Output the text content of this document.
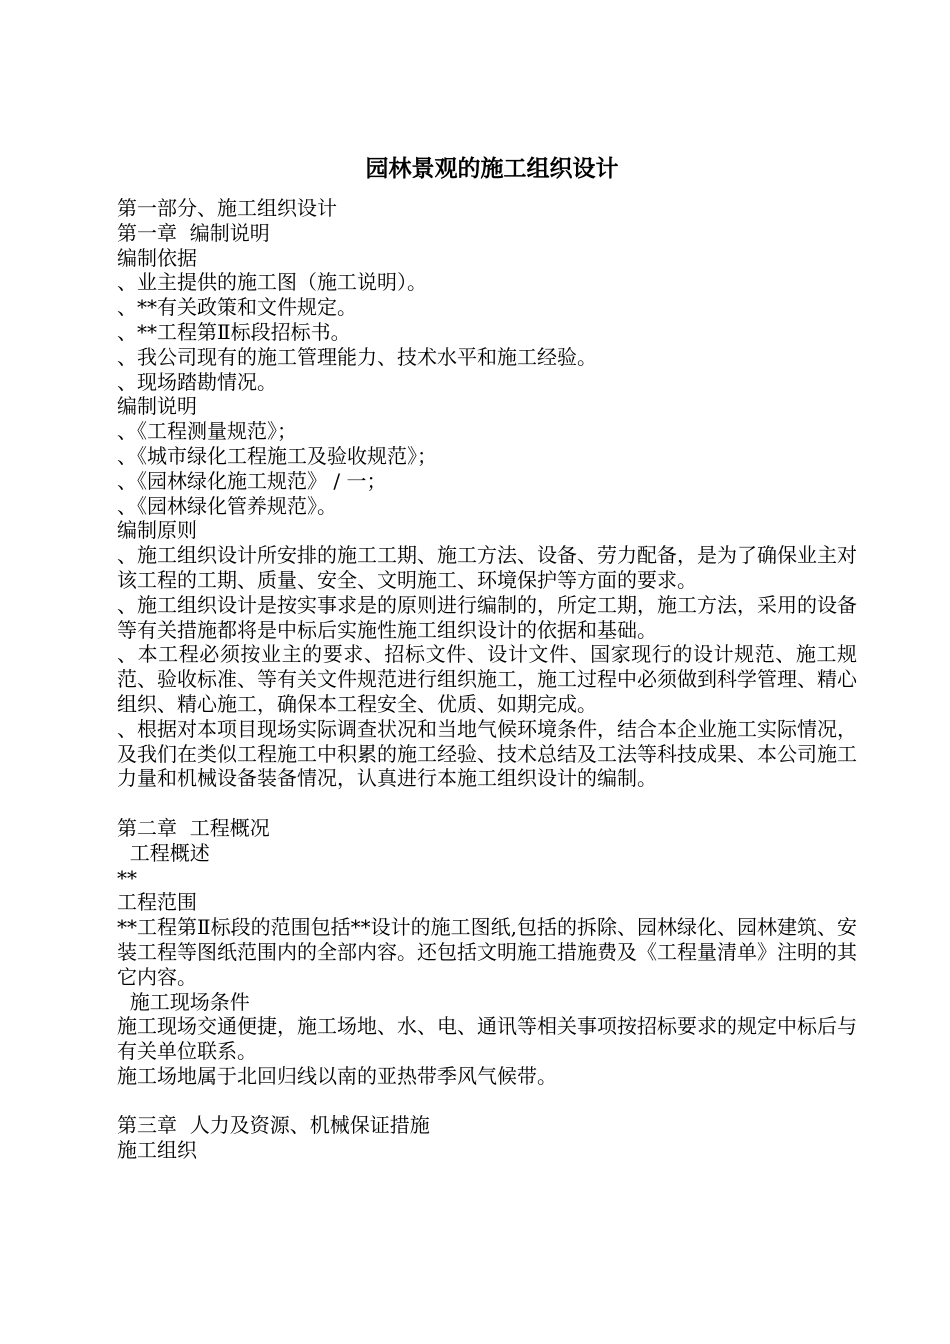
园林景观的施工组织设计

第一部分、施工组织设计

第一章  编制说明

编制依据

、业主提供的施工图（施工说明）。

、**有关政策和文件规定。

、**工程第Ⅱ标段招标书。

、我公司现有的施工管理能力、技术水平和施工经验。

、现场踏勘情况。

编制说明

、《工程测量规范》；

、《城市绿化工程施工及验收规范》；

、《园林绿化施工规范》 / 一；

、《园林绿化管养规范》。

编制原则

、施工组织设计所安排的施工工期、施工方法、设备、劳力配备，是为了确保业主对该工程的工期、质量、安全、文明施工、环境保护等方面的要求。

、施工组织设计是按实事求是的原则进行编制的，所定工期，施工方法，采用的设备等有关措施都将是中标后实施性施工组织设计的依据和基础。

、本工程必须按业主的要求、招标文件、设计文件、国家现行的设计规范、施工规范、验收标准、等有关文件规范进行组织施工，施工过程中必须做到科学管理、精心组织、精心施工，确保本工程安全、优质、如期完成。

、根据对本项目现场实际调查状况和当地气候环境条件，结合本企业施工实际情况，及我们在类似工程施工中积累的施工经验、技术总结及工法等科技成果、本公司施工力量和机械设备装备情况，认真进行本施工组织设计的编制。

第二章  工程概况

工程概述

**

工程范围

**工程第Ⅱ标段的范围包括**设计的施工图纸,包括的拆除、园林绿化、园林建筑、安装工程等图纸范围内的全部内容。还包括文明施工措施费及《工程量清单》注明的其它内容。

施工现场条件

施工现场交通便捷，施工场地、水、电、通讯等相关事项按招标要求的规定中标后与有关单位联系。

施工场地属于北回归线以南的亚热带季风气候带。

第三章  人力及资源、机械保证措施

施工组织
